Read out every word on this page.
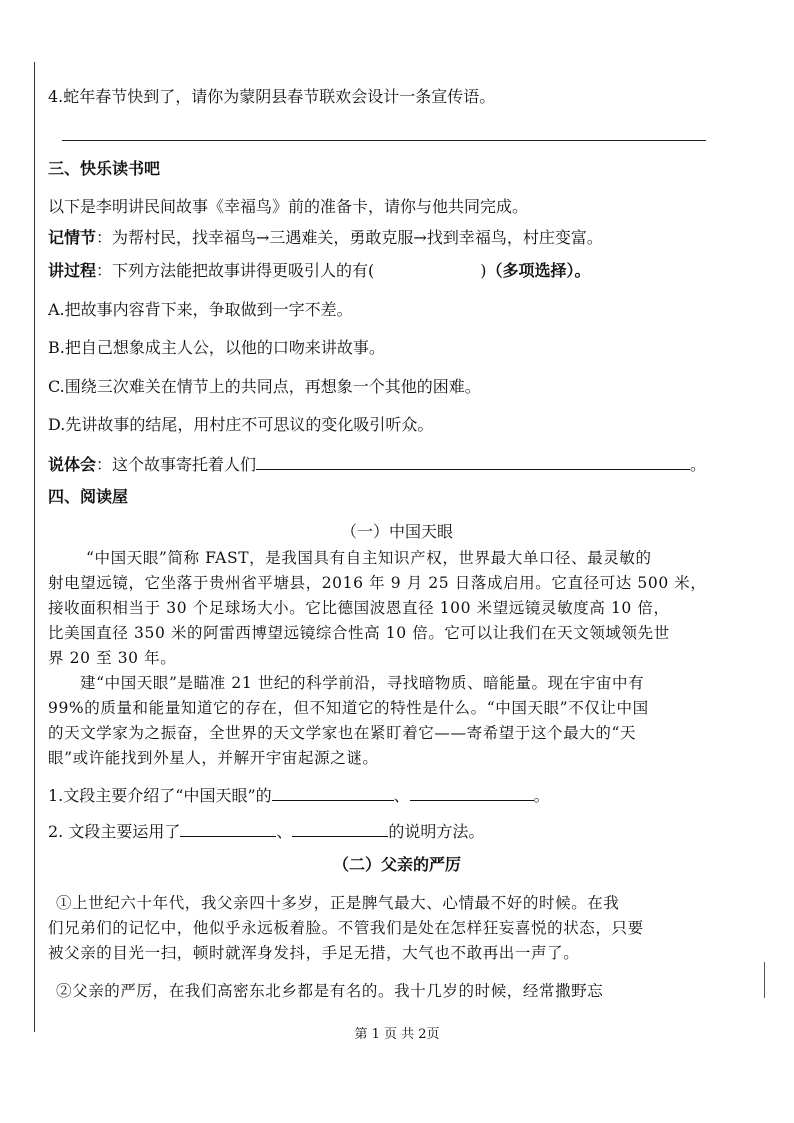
4.蛇年春节快到了，请你为蒙阴县春节联欢会设计一条宣传语。
三、快乐读书吧
以下是李明讲民间故事《幸福鸟》前的准备卡，请你与他共同完成。
记情节：为帮村民，找幸福鸟→三遇难关，勇敢克服→找到幸福鸟，村庄变富。
讲过程：下列方法能把故事讲得更吸引人的有(	)（多项选择）。
A.把故事内容背下来，争取做到一字不差。
B.把自己想象成主人公，以他的口吻来讲故事。
C.围绕三次难关在情节上的共同点，再想象一个其他的困难。
D.先讲故事的结尾，用村庄不可思议的变化吸引听众。
说体会：这个故事寄托着人们	。
四、阅读屋
（一）中国天眼
“中国天眼”简称 FAST，是我国具有自主知识产权，世界最大单口径、最灵敏的
射电望远镜，它坐落于贵州省平塘县，2016 年 9 月 25 日落成启用。它直径可达 500 米，
接收面积相当于 30 个足球场大小。它比德国波恩直径 100 米望远镜灵敏度高 10 倍，
比美国直径 350 米的阿雷西博望远镜综合性高 10 倍。它可以让我们在天文领域领先世
界 20 至 30 年。
建“中国天眼”是瞄准 21 世纪的科学前沿，寻找暗物质、暗能量。现在宇宙中有
99%的质量和能量知道它的存在，但不知道它的特性是什么。“中国天眼”不仅让中国
的天文学家为之振奋，全世界的天文学家也在紧盯着它——寄希望于这个最大的“天
眼”或许能找到外星人，并解开宇宙起源之谜。
1.文段主要介绍了“中国天眼”的	、	。
2. 文段主要运用了	、	的说明方法。
（二）父亲的严厉
①上世纪六十年代，我父亲四十多岁，正是脾气最大、心情最不好的时候。在我
们兄弟们的记忆中，他似乎永远板着脸。不管我们是处在怎样狂妄喜悦的状态，只要
被父亲的目光一扫，顿时就浑身发抖，手足无措，大气也不敢再出一声了。
②父亲的严厉，在我们高密东北乡都是有名的。我十几岁的时候，经常撒野忘
第 1 页 共 2页
